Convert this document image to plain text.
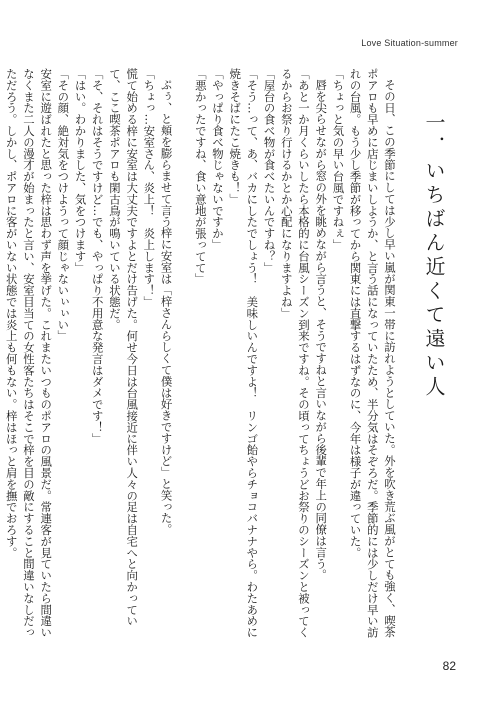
Love Situation-summer
一．いちばん近くて遠い人

その日、この季節にしては少し早い嵐が関東一帯に訪れようとしていた。外を吹き荒ぶ風がとても強く、喫茶ポアロも早めに店じまいしようか、と言う話になっていたため、半分気はそぞろだ。季節的には少しだけ早い訪れの台風。もう少し季節が移ってから関東には直撃するはずなのに、今年は様子が違っていた。

「ちょっと気の早い台風ですねぇ」

唇を尖らせながら窓の外を眺めながら言うと、そうですねと言いながら後輩で年上の同僚は言う。

「あと一か月くらいしたら本格的に台風シーズン到来ですね。その頃ってちょうどお祭りのシーズンと被ってくるからお祭り行けるかとか心配になりますよね」

「屋台の食べ物が食べたいんですね？」

「そう…って、あ、バカにしたでしょう！　美味しいんですよ！　リンゴ飴やらチョコバナナやら。わたあめに焼きそばにたこ焼きも！」

「やっぱり食べ物じゃないですか」

「悪かったですね、食い意地が張ってて」

ぷぅ、と頬を膨らませて言う梓に安室は「梓さんらしくて僕は好きですけど」と笑った。

「ちょっ…安室さん、炎上！　炎上します！」

慌て始める梓に安室は大丈夫ですよとだけ告げた。何せ今日は台風接近に伴い人々の足は自宅へと向かっていて、ここ喫茶ポアロも閑古鳥が鳴いている状態だ。

「そ、それはそうですけど…でも、やっぱり不用意な発言はダメです！」

「はい。わかりました、気をつけます」

「その顔、絶対気をつけようって顔じゃないぃぃい」

安室に遊ばれたと思った梓は思わず声を挙げた。これまたいつものポアロの風景だ。常連客が見ていたら間違いなくまた二人の漫才が始まったと言い、安室目当ての女性客たちはそこで梓を目の敵にすること間違いなしだっただろう。しかし、ポアロに客がいない状態では炎上も何もない。梓はほっと肩を撫でおろす。

82
